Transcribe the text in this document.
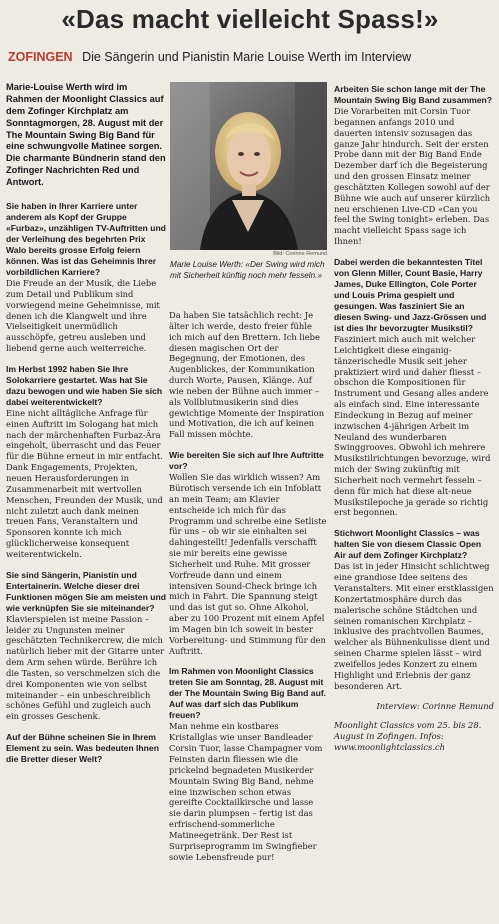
«Das macht vielleicht Spass!»
ZOFINGEN Die Sängerin und Pianistin Marie Louise Werth im Interview

Marie-Louise Werth wird im Rahmen der Moonlight Classics auf dem Zofinger Kirchplatz am Sonntagmorgen, 28. August mit der The Mountain Swing Big Band für eine schwungvolle Matinee sorgen. Die charmante Bündnerin stand den Zofinger Nachrichten Red und Antwort.

Sie haben in Ihrer Karriere unter anderem als Kopf der Gruppe «Furbaz», unzähligen TV-Auftritten und der Verleihung des begehrten Prix Walo bereits grosse Erfolg feiern können. Was ist das Geheimnis Ihrer vorbildlichen Karriere?

Die Freude an der Musik, die Liebe zum Detail und Publikum sind vorwiegend meine Geheimnisse, mit denen ich die Klangwelt und ihre Vielseitigkeit unermüdlich ausschöpfe, getreu ausleben und liebend gerne auch weiterreiche.

Im Herbst 1992 haben Sie Ihre Solokarriere gestartet. Was hat Sie dazu bewogen und wie haben Sie sich dabei weiterentwickelt?

Eine nicht alltägliche Anfrage für einen Auftritt im Sologang hat mich nach der märchenhaften Furbaz-Ära eingeholt, überrascht und das Feuer für die Bühne erneut in mir entfacht. Dank Engagements, Projekten, neuen Herausforderungen in Zusammenarbeit mit wertvollen Menschen, Freunden der Musik, und nicht zuletzt auch dank meinen treuen Fans, Veranstaltern und Sponsoren konnte ich mich glücklicherweise konsequent weiterentwickeln.

Sie sind Sängerin, Pianistin und Entertainerin. Welche dieser drei Funktionen mögen Sie am meisten und wie verknüpfen Sie sie miteinander?

Klavierspielen ist meine Passion – leider zu Ungunsten meiner geschätzten Technikercrew, die mich natürlich lieber mit der Gitarre unter dem Arm sehen würde. Berühre ich die Tasten, so verschmelzen sich die drei Komponenten wie von selbst miteinander – ein unbeschreiblich schönes Gefühl und zugleich auch ein grosses Geschenk.

Auf der Bühne scheinen Sie in Ihrem Element zu sein. Was bedeuten Ihnen die Bretter dieser Welt?

Bild: Corinne Remund
Marie Louise Werth: «Der Swing wird mich mit Sicherheit künftig noch mehr fesseln.»

Da haben Sie tatsächlich recht: Je älter ich werde, desto freier fühle ich mich auf den Brettern. Ich liebe diesen magischen Ort der Begegnung, der Emotionen, des Augenblickes, der Kommunikation durch Worte, Pausen, Klänge. Auf wie neben der Bühne auch immer – als Vollblutmusikerin sind dies gewichtige Momente der Inspiration und Motivation, die ich auf keinen Fall missen möchte.

Wie bereiten Sie sich auf Ihre Auftritte vor?

Wollen Sie das wirklich wissen? Am Bürotisch versende ich ein Infoblatt an mein Team; am Klavier entscheide ich mich für das Programm und schreibe eine Setliste für uns – ob wir sie einhalten sei dahingestellt! Jedenfalls verschafft sie mir bereits eine gewisse Sicherheit und Ruhe. Mit grosser Vorfreude dann und einem intensiven Sound-Check bringe ich mich in Fahrt. Die Spannung steigt und das ist gut so. Ohne Alkohol, aber zu 100 Prozent mit einem Apfel im Magen bin ich soweit in bester Vorbereitung- und Stimmung für den Auftritt.

Im Rahmen von Moonlight Classics treten Sie am Sonntag, 28. August mit der The Mountain Swing Big Band auf. Auf was darf sich das Publikum freuen?

Man nehme ein kostbares Kristallglas wie unser Bandleader Corsin Tuor, lasse Champagner vom Feinsten darin fliessen wie die prickelnd begnadeten Musikerder Mountain Swing Big Band, nehme eine inzwischen schon etwas gereifte Cocktailkirsche und lasse sie darin plumpsen – fertig ist das erfrischend-sommerliche Matineegetränk. Der Rest ist Surpriseprogramm im Swingfieber sowie Lebensfreude pur!

Arbeiten Sie schon lange mit der The Mountain Swing Big Band zusammen?

Die Vorarbeiten mit Corsin Tuor begannen anfangs 2010 und dauerten intensiv sozusagen das ganze Jahr hindurch. Seit der ersten Probe dann mit der Big Band Ende Dezember darf ich die Begeisterung und den grossen Einsatz meiner geschätzten Kollegen sowohl auf der Bühne wie auch auf unserer kürzlich neu erschienen Live-CD «Can you feel the Swing tonight» erleben. Das macht vielleicht Spass sage ich Ihnen!

Dabei werden die bekanntesten Titel von Glenn Miller, Count Basie, Harry James, Duke Ellington, Cole Porter und Louis Prima gespielt und gesungen. Was fasziniert Sie an diesen Swing- und Jazz-Grössen und ist dies Ihr bevorzugter Musikstil?

Fasziniert mich auch mit welcher Leichtigkeit diese einganig-tänzerischedle Musik seit jeher praktiziert wird und daher fliesst – obschon die Kompositionen für Instrument und Gesang alles andere als einfach sind. Eine interessante Eindeckung in Bezug auf meiner inzwischen 4-jährigen Arbeit im Neuland des wunderbaren Swinggrooves. Obwohl ich mehrere Musikstilrichtungen bevorzuge, wird mich der Swing zukünftig mit Sicherheit noch vermehrt fesseln – denn für mich hat diese alt-neue Musikstilepoche ja gerade so richtig erst begonnen.

Stichwort Moonlight Classics – was halten Sie von diesem Classic Open Air auf dem Zofinger Kirchplatz?

Das ist in jeder Hinsicht schlichtweg eine grandiose Idee seitens des Veranstalters. Mit einer erstklassigen Konzertatmosphäre durch das malerische schöne Städtchen und seinen romanischen Kirchplatz – inklusive des prachtvollen Baumes, welcher als Bühnenkulisse dient und seinen Charme spielen lässt – wird zweifellos jedes Konzert zu einem Highlight und Erlebnis der ganz besonderen Art.

Interview: Corinne Remund

Moonlight Classics vom 25. bis 28. August in Zofingen. Infos: www.moonlightclassics.ch
